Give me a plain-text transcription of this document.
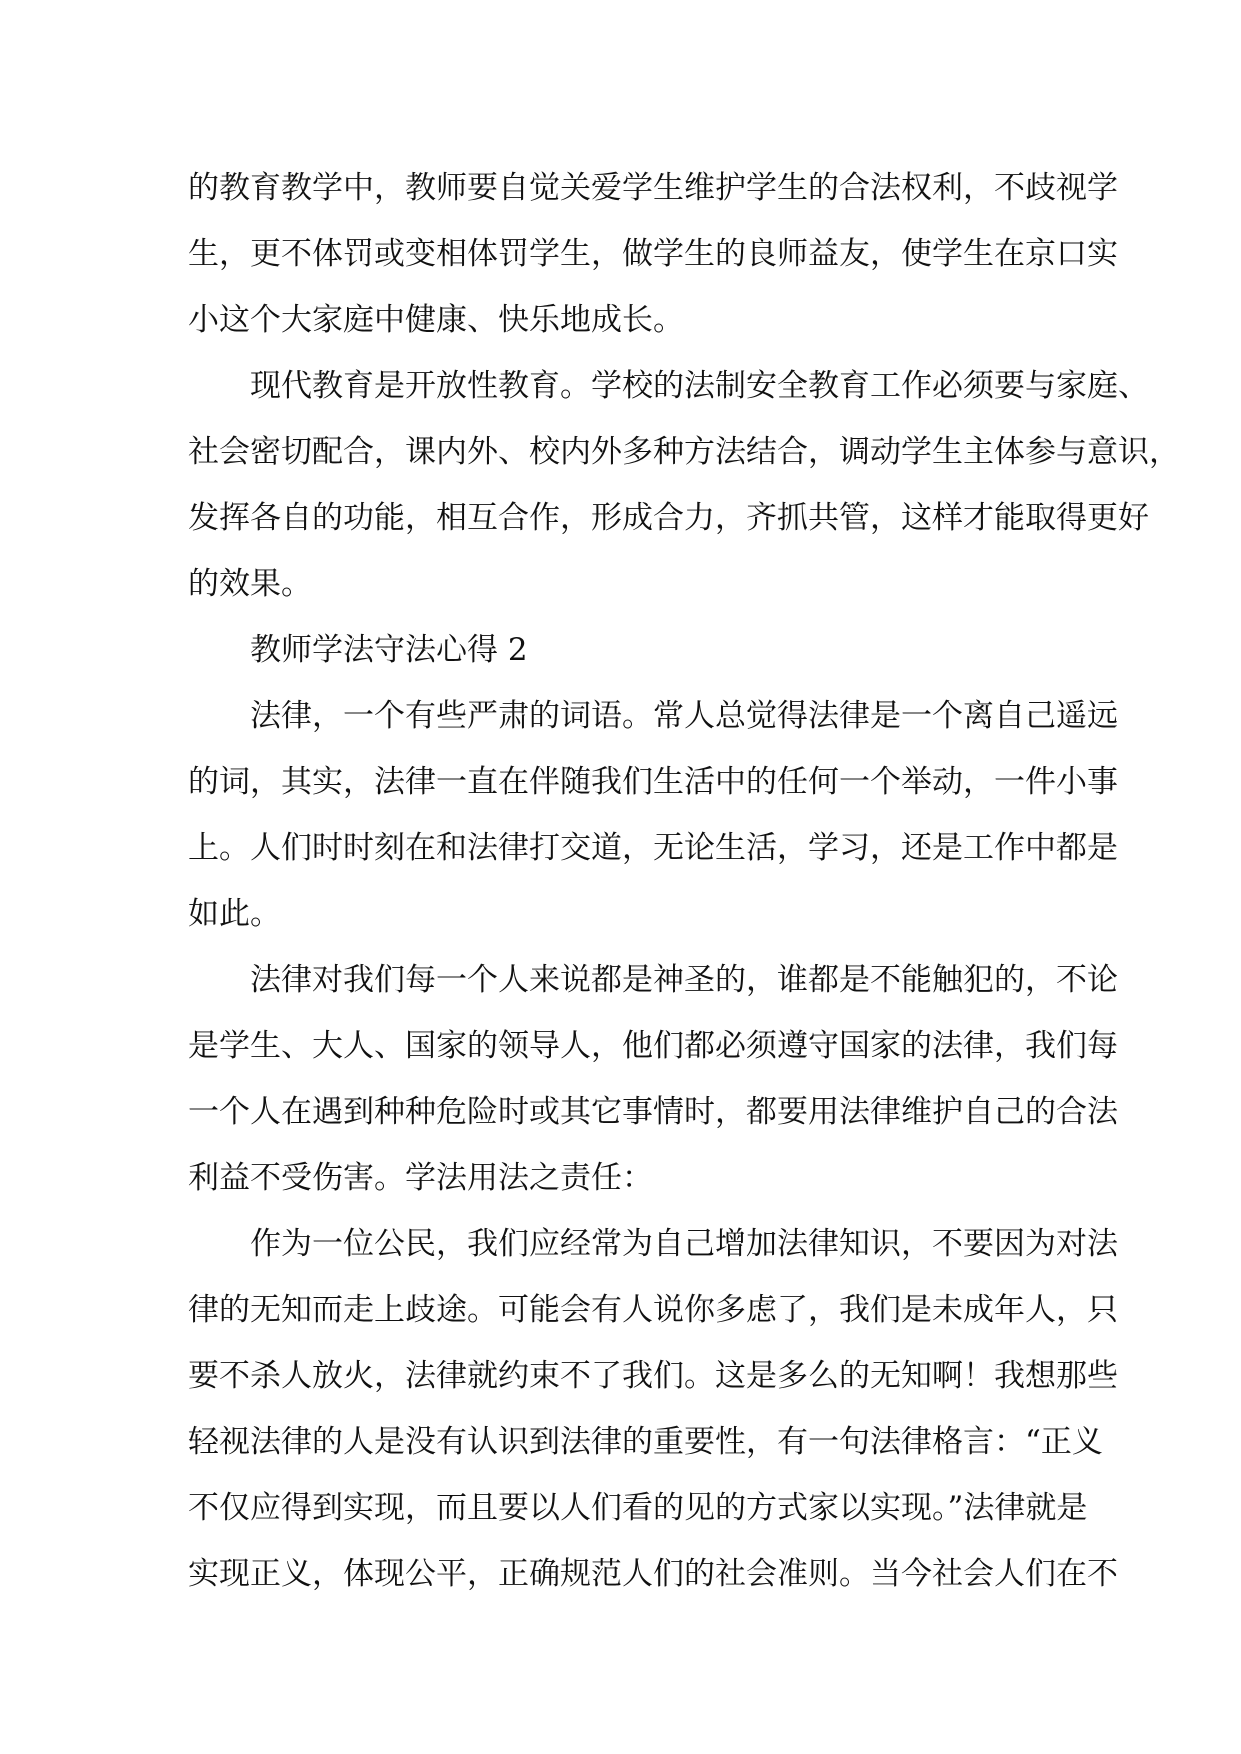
的教育教学中，教师要自觉关爱学生维护学生的合法权利，不歧视学
生，更不体罚或变相体罚学生，做学生的良师益友，使学生在京口实
小这个大家庭中健康、快乐地成长。
现代教育是开放性教育。学校的法制安全教育工作必须要与家庭、
社会密切配合，课内外、校内外多种方法结合，调动学生主体参与意识，
发挥各自的功能，相互合作，形成合力，齐抓共管，这样才能取得更好
的效果。
教师学法守法心得 2
法律，一个有些严肃的词语。常人总觉得法律是一个离自己遥远
的词，其实，法律一直在伴随我们生活中的任何一个举动，一件小事
上。人们时时刻在和法律打交道，无论生活，学习，还是工作中都是
如此。
法律对我们每一个人来说都是神圣的，谁都是不能触犯的，不论
是学生、大人、国家的领导人，他们都必须遵守国家的法律，我们每
一个人在遇到种种危险时或其它事情时，都要用法律维护自己的合法
利益不受伤害。学法用法之责任：
作为一位公民，我们应经常为自己增加法律知识，不要因为对法
律的无知而走上歧途。可能会有人说你多虑了，我们是未成年人，只
要不杀人放火，法律就约束不了我们。这是多么的无知啊！我想那些
轻视法律的人是没有认识到法律的重要性，有一句法律格言：“正义
不仅应得到实现，而且要以人们看的见的方式家以实现。”法律就是
实现正义，体现公平，正确规范人们的社会准则。当今社会人们在不
